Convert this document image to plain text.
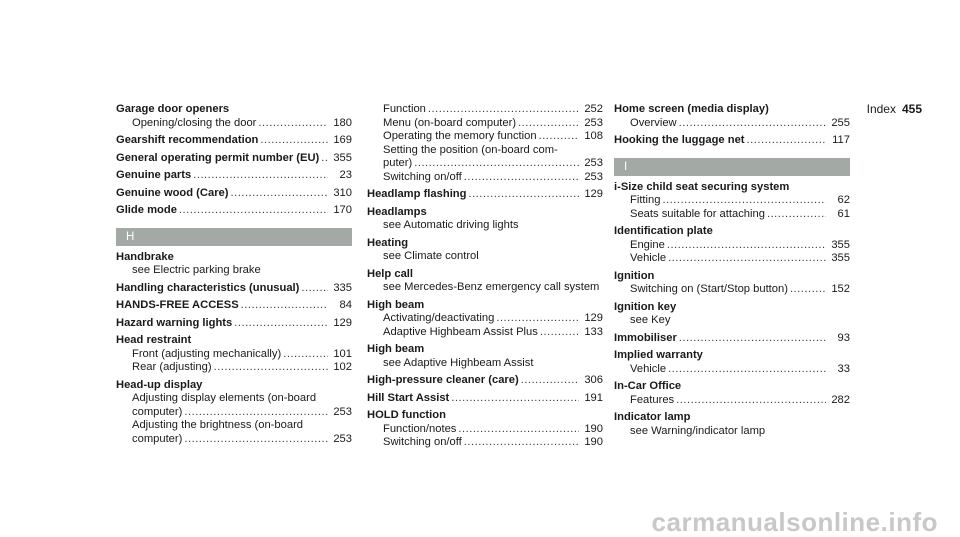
Index 455
Garage door openers
Opening/closing the door .....	180
Gearshift recommendation .....	169
General operating permit number (EU) ..... 355
Genuine parts .....	23
Genuine wood (Care) .....	310
Glide mode .....	170
H
Handbrake
see Electric parking brake
Handling characteristics (unusual) .....	335
HANDS-FREE ACCESS .....	84
Hazard warning lights .....	129
Head restraint
Front (adjusting mechanically) .....	101
Rear (adjusting) .....	102
Head-up display
Adjusting display elements (on-board
computer) .....	253
Adjusting the brightness (on-board
computer) .....	253
Function .....	252
Menu (on-board computer) .....	253
Operating the memory function .....	108
Setting the position (on-board com-
puter) .....	253
Switching on/off .....	253
Headlamp flashing .....	129
Headlamps
see Automatic driving lights
Heating
see Climate control
Help call
see Mercedes-Benz emergency call system
High beam
Activating/deactivating .....	129
Adaptive Highbeam Assist Plus .....	133
High beam
see Adaptive Highbeam Assist
High-pressure cleaner (care) .....	306
Hill Start Assist .....	191
HOLD function
Function/notes .....	190
Switching on/off .....	190
Home screen (media display)
Overview .....	255
Hooking the luggage net .....	117
I
i-Size child seat securing system
Fitting .....	62
Seats suitable for attaching .....	61
Identification plate
Engine .....	355
Vehicle .....	355
Ignition
Switching on (Start/Stop button) .....	152
Ignition key
see Key
Immobiliser .....	93
Implied warranty
Vehicle .....	33
In-Car Office
Features .....	282
Indicator lamp
see Warning/indicator lamp
carmanualsonline.info
